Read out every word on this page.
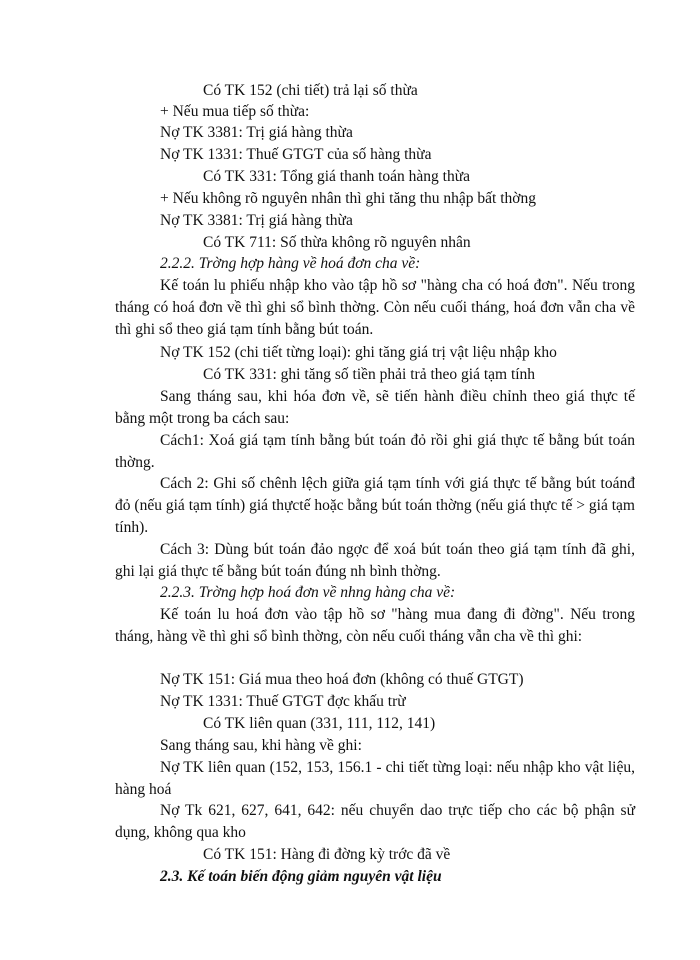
Có TK 152 (chi tiết) trả lại số thừa
+ Nếu mua tiếp số thừa:
Nợ TK 3381: Trị giá hàng thừa
Nợ TK 1331: Thuế GTGT của số hàng thừa
Có TK 331: Tổng giá thanh toán hàng thừa
+ Nếu không rõ nguyên nhân thì ghi tăng thu nhập bất thờng
Nợ TK 3381: Trị giá hàng thừa
Có TK 711: Số thừa không rõ nguyên nhân
2.2.2. Trờng hợp hàng về hoá đơn cha về:
Kế toán lu phiếu nhập kho vào tập hồ sơ "hàng cha có hoá đơn". Nếu trong tháng có hoá đơn về thì ghi sổ bình thờng. Còn nếu cuối tháng, hoá đơn vẫn cha về thì ghi sổ theo giá tạm tính bằng bút toán.
Nợ TK 152 (chi tiết từng loại): ghi tăng giá trị vật liệu nhập kho
Có TK 331: ghi tăng số tiền phải trả theo giá tạm tính
Sang tháng sau, khi hóa đơn về, sẽ tiến hành điều chỉnh theo giá thực tế bằng một trong ba cách sau:
Cách1: Xoá giá tạm tính bằng bút toán đỏ rồi ghi giá thực tế bằng bút toán thờng.
Cách 2: Ghi số chênh lệch giữa giá tạm tính với giá thực tế bằng bút toánđ đỏ (nếu giá tạm tính) giá thựctế hoặc bằng bút toán thờng (nếu giá thực tế > giá tạm tính).
Cách 3: Dùng bút toán đảo ngợc để xoá bút toán theo giá tạm tính đã ghi, ghi lại giá thực tế bằng bút toán đúng nh bình thờng.
2.2.3. Trờng hợp hoá đơn về nhng hàng cha về:
Kế toán lu hoá đơn vào tập hồ sơ "hàng mua đang đi đờng". Nếu trong tháng, hàng về thì ghi sổ bình thờng, còn nếu cuối tháng vẫn cha về thì ghi:
Nợ TK 151: Giá mua theo hoá đơn (không có thuế GTGT)
Nợ TK 1331: Thuế GTGT đợc khấu trừ
Có TK liên quan (331, 111, 112, 141)
Sang tháng sau, khi hàng về ghi:
Nợ TK liên quan (152, 153, 156.1 - chi tiết từng loại: nếu nhập kho vật liệu, hàng hoá
Nợ Tk 621, 627, 641, 642: nếu chuyển dao trực tiếp cho các bộ phận sử dụng, không qua kho
Có TK 151: Hàng đi đờng kỳ trớc đã về
2.3. Kế toán biến động giảm nguyên vật liệu
